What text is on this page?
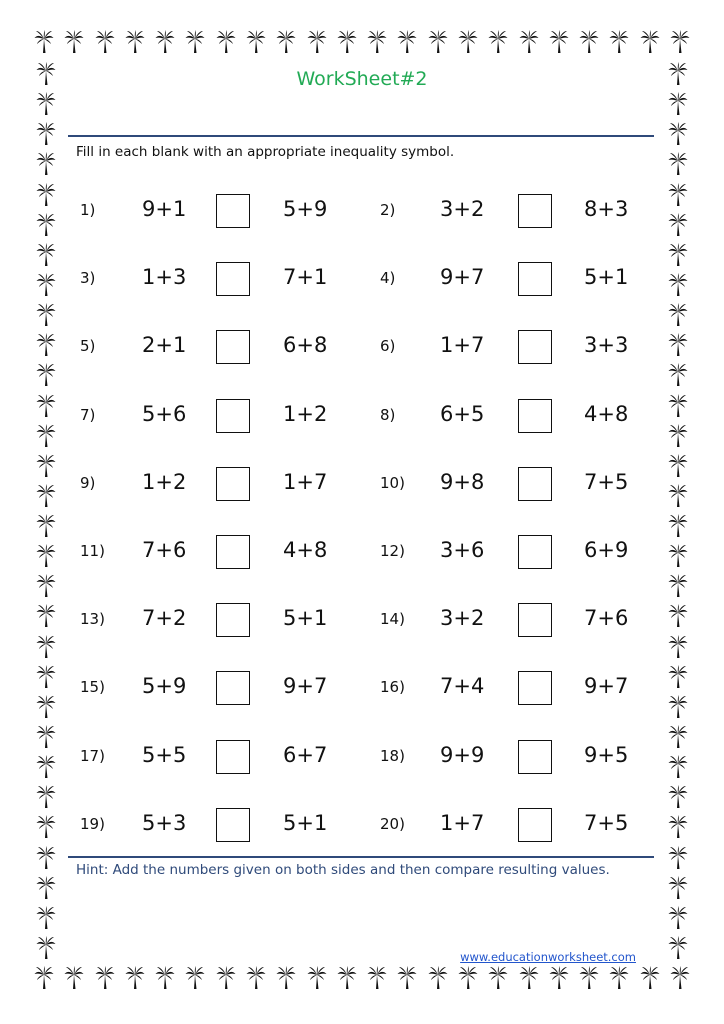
WorkSheet#2
Fill in each blank with an appropriate inequality symbol.
1) 9+1	5+9	2) 3+2	8+3
3) 1+3	7+1	4) 9+7	5+1
5) 2+1	6+8	6) 1+7	3+3
7) 5+6	1+2	8) 6+5	4+8
9) 1+2	1+7	10) 9+8	7+5
11) 7+6	4+8	12) 3+6	6+9
13) 7+2	5+1	14) 3+2	7+6
15) 5+9	9+7	16) 7+4	9+7
17) 5+5	6+7	18) 9+9	9+5
19) 5+3	5+1	20) 1+7	7+5
Hint: Add the numbers given on both sides and then compare resulting values.
www.educationworksheet.com
